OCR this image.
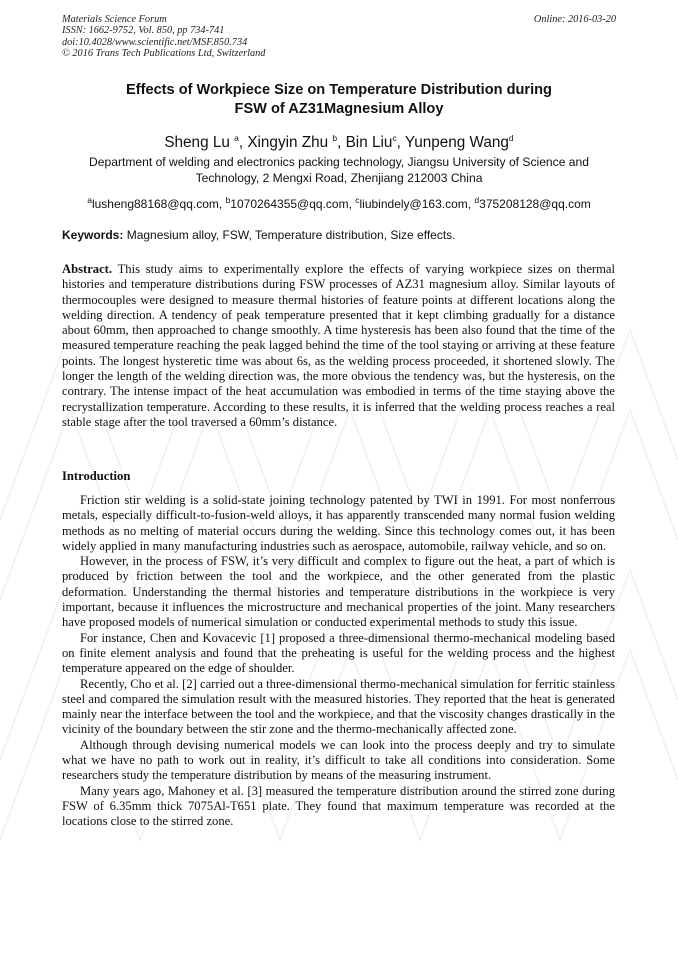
Materials Science Forum
ISSN: 1662-9752, Vol. 850, pp 734-741
doi:10.4028/www.scientific.net/MSF.850.734
© 2016 Trans Tech Publications Ltd, Switzerland
Online: 2016-03-20
Effects of Workpiece Size on Temperature Distribution during
FSW of AZ31Magnesium Alloy
Sheng Lu $^a$, Xingyin Zhu $^b$, Bin Liu$^c$, Yunpeng Wang$^d$
Department of welding and electronics packing technology, Jiangsu University of Science and Technology, 2 Mengxi Road, Zhenjiang 212003 China
$^a$lusheng88168@qq.com, $^b$1070264355@qq.com, $^c$liubindely@163.com, $^d$375208128@qq.com
Keywords: Magnesium alloy, FSW, Temperature distribution, Size effects.
Abstract. This study aims to experimentally explore the effects of varying workpiece sizes on thermal histories and temperature distributions during FSW processes of AZ31 magnesium alloy. Similar layouts of thermocouples were designed to measure thermal histories of feature points at different locations along the welding direction. A tendency of peak temperature presented that it kept climbing gradually for a distance about 60mm, then approached to change smoothly. A time hysteresis has been also found that the time of the measured temperature reaching the peak lagged behind the time of the tool staying or arriving at these feature points. The longest hysteretic time was about 6s, as the welding process proceeded, it shortened slowly. The longer the length of the welding direction was, the more obvious the tendency was, but the hysteresis, on the contrary. The intense impact of the heat accumulation was embodied in terms of the time staying above the recrystallization temperature. According to these results, it is inferred that the welding process reaches a real stable stage after the tool traversed a 60mm’s distance.
Introduction

Friction stir welding is a solid-state joining technology patented by TWI in 1991. For most nonferrous metals, especially difficult-to-fusion-weld alloys, it has apparently transcended many normal fusion welding methods as no melting of material occurs during the welding. Since this technology comes out, it has been widely applied in many manufacturing industries such as aerospace, automobile, railway vehicle, and so on.

However, in the process of FSW, it’s very difficult and complex to figure out the heat, a part of which is produced by friction between the tool and the workpiece, and the other generated from the plastic deformation. Understanding the thermal histories and temperature distributions in the workpiece is very important, because it influences the microstructure and mechanical properties of the joint. Many researchers have proposed models of numerical simulation or conducted experimental methods to study this issue.

For instance, Chen and Kovacevic [1] proposed a three-dimensional thermo-mechanical modeling based on finite element analysis and found that the preheating is useful for the welding process and the highest temperature appeared on the edge of shoulder.

Recently, Cho et al. [2] carried out a three-dimensional thermo-mechanical simulation for ferritic stainless steel and compared the simulation result with the measured histories. They reported that the heat is generated mainly near the interface between the tool and the workpiece, and that the viscosity changes drastically in the vicinity of the boundary between the stir zone and the thermo-mechanically affected zone.

Although through devising numerical models we can look into the process deeply and try to simulate what we have no path to work out in reality, it’s difficult to take all conditions into consideration. Some researchers study the temperature distribution by means of the measuring instrument.

Many years ago, Mahoney et al. [3] measured the temperature distribution around the stirred zone during FSW of 6.35mm thick 7075Al-T651 plate. They found that maximum temperature was recorded at the locations close to the stirred zone.
